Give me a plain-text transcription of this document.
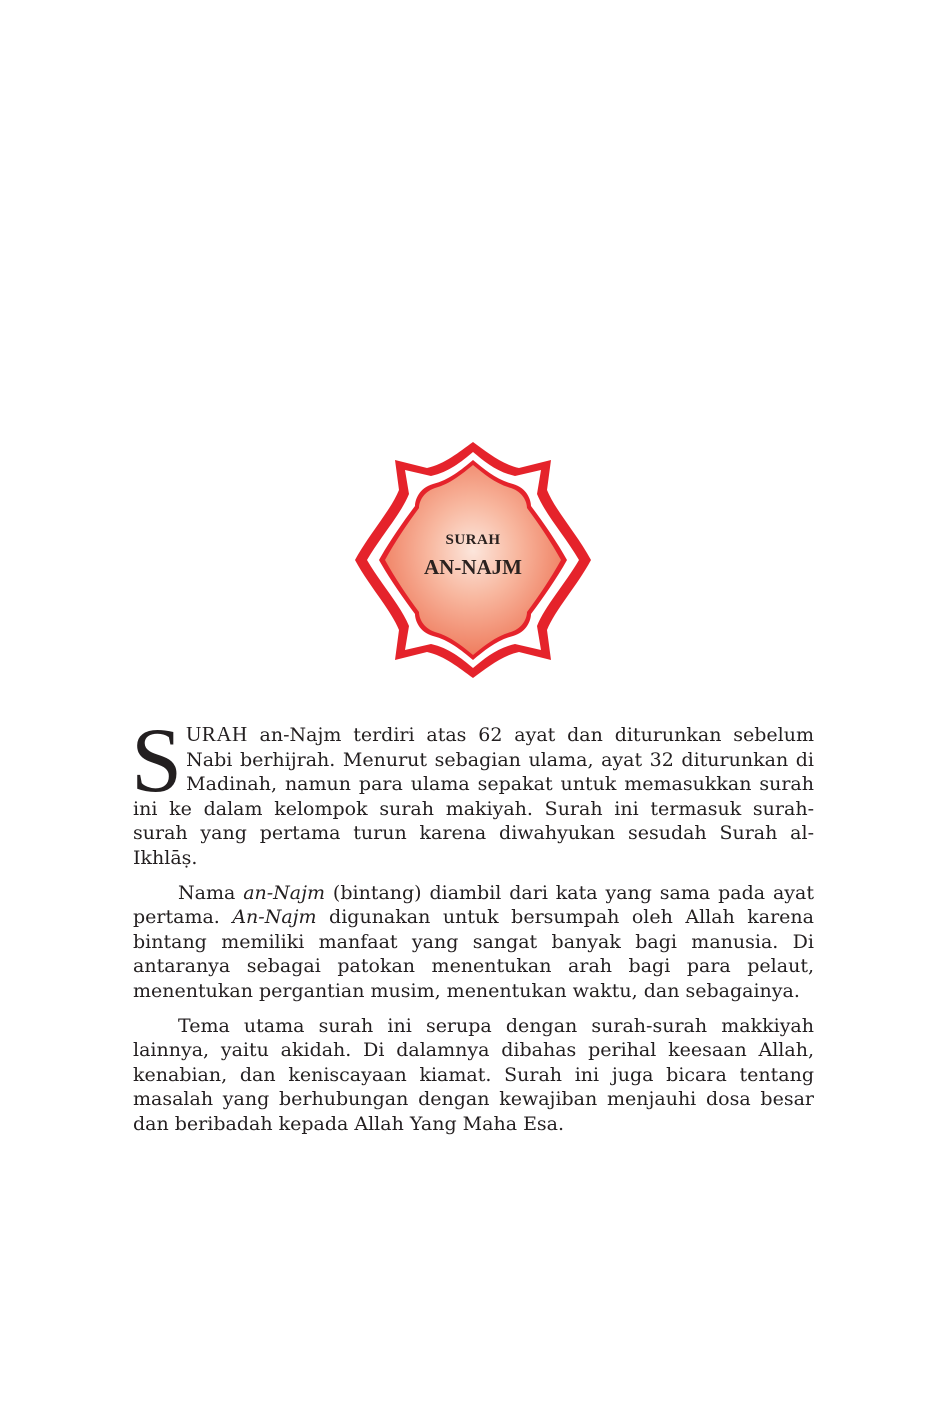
SURAH
AN-NAJM

SURAH an-Najm terdiri atas 62 ayat dan diturunkan sebelum Nabi berhijrah. Menurut sebagian ulama, ayat 32 diturunkan di Madinah, namun para ulama sepakat untuk memasukkan surah ini ke dalam kelompok surah makiyah. Surah ini termasuk surah-surah yang pertama turun karena diwahyukan sesudah Surah al-Ikhlāṣ.

Nama an-Najm (bintang) diambil dari kata yang sama pada ayat pertama. An-Najm digunakan untuk bersumpah oleh Allah karena bintang memiliki manfaat yang sangat banyak bagi manusia. Di antaranya sebagai patokan menentukan arah bagi para pelaut, menentukan pergantian musim, menentukan waktu, dan sebagainya.

Tema utama surah ini serupa dengan surah-surah makkiyah lainnya, yaitu akidah. Di dalamnya dibahas perihal keesaan Allah, kenabian, dan keniscayaan kiamat. Surah ini juga bicara tentang masalah yang berhubungan dengan kewajiban menjauhi dosa besar dan beribadah kepada Allah Yang Maha Esa.
